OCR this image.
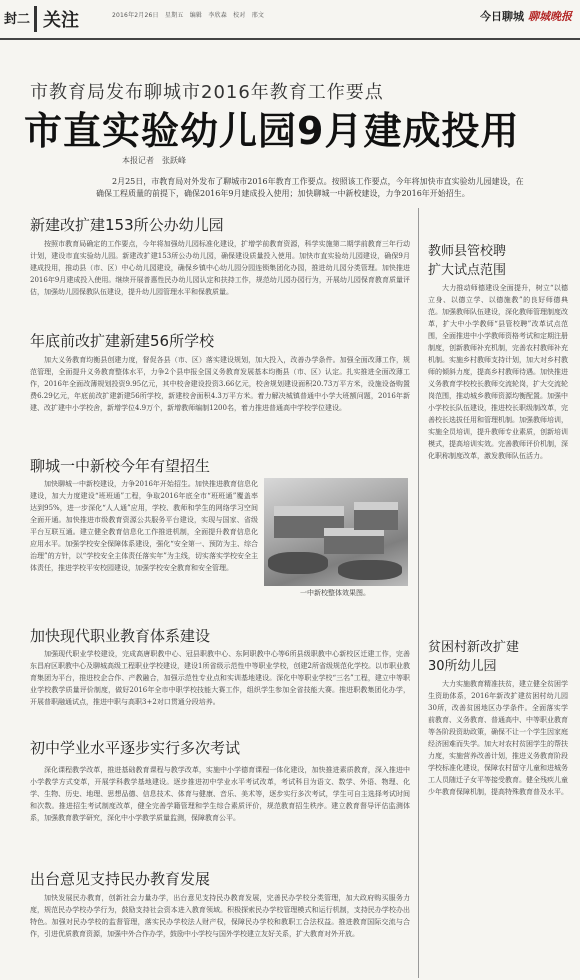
封二 关注	2016年2月26日　星期五　编辑　李欣森　校对　邢文	今日聊城 聊城晚报
市教育局发布聊城市2016年教育工作要点
市直实验幼儿园9月建成投用
本报记者　张跃峰
2月25日，市教育局对外发布了聊城市2016年教育工作要点。按照该工作要点，今年将加快市直实验幼儿园建设，在确保工程质量的前提下，确保2016年9月建成投入使用；加快聊城一中新校建设，力争2016年开始招生。
新建改扩建153所公办幼儿园
按照市教育局确定的工作要点，今年将加强幼儿园标准化建设，扩增学前教育资源，科学实施第二期学前教育三年行动计划，建设市直实验幼儿园。新建改扩建153所公办幼儿园，确保建设质量投入使用。加快市直实验幼儿园建设，确保9月建成投用，推动县（市、区）中心幼儿园建设，确保乡镇中心幼儿园分园连锁集团化办园，推进幼儿园分类管理。加快推进2016年9月建成投入使用。继续开展普惠性民办幼儿园认定和扶持工作，规范幼儿园办园行为，开展幼儿园保育教育质量评估，加强幼儿园保教队伍建设，提升幼儿园管理水平和保教质量。
年底前改扩建新建56所学校
加大义务教育均衡县创建力度，督促各县（市、区）落实建设规划，加大投入，改善办学条件。加强全面改薄工作，规范管理，全面提升义务教育整体水平，力争2个县申报全国义务教育发展基本均衡县（市、区）认定。扎实推进全面改薄工作，2016年全面改薄规划投资9.95亿元，其中校舍建设投资3.66亿元，校舍规划建设面积20.73万平方米，设施设备购置费6.29亿元，年底前改扩建新建56所学校，新建校舍面积4.3万平方米。着力解决城镇普通中小学大班额问题，2016年新建、改扩建中小学校舍，新增学位4.9万个，新增教师编制1200名，着力推进普通高中学校学位建设。
聊城一中新校今年有望招生
加快聊城一中新校建设，力争2016年开始招生。加快推进教育信息化建设，加大力度建设“班班通”工程，争取2016年底全市“班班通”覆盖率达到95%，进一步深化“人人通”应用，学校、教师和学生的网络学习空间全面开通。加快推进市级教育资源公共服务平台建设，实现与国家、省级平台互联互通。建立健全教育信息化工作推进机制，全面提升教育信息化应用水平。加强学校安全保障体系建设，强化“安全第一、预防为主、综合治理”的方针，以“学校安全主体责任落实年”为主线，切实落实学校安全主体责任，推进学校平安校园建设，加强学校安全教育和安全管理。
一中新校整体效果图。
加快现代职业教育体系建设
加强现代职业学校建设，完成高唐职教中心、冠县职教中心、东阿职教中心等6所县级职教中心新校区迁建工作，完善东昌府区职教中心及聊城高级工程职业学校建设，建设1所省级示范性中等职业学校，创建2所省级规范化学校。以市职业教育集团为平台，推进校企合作、产教融合，加强示范性专业点和实训基地建设。深化中等职业学校“三名”工程，建立中等职业学校教学质量评价制度，做好2016年全市中职学校技能大赛工作，组织学生参加全省技能大赛。推进职教集团化办学，开展普职融通试点，推进中职与高职3+2对口贯通分段培养。
初中学业水平逐步实行多次考试
深化课程教学改革，推进基础教育课程与教学改革，实施中小学德育课程一体化建设，加快推进素质教育，深入推进中小学教学方式变革，开展学科教学基地建设。逐步推进初中学业水平考试改革，考试科目为语文、数学、外语、物理、化学、生物、历史、地理、思想品德、信息技术、体育与健康、音乐、美术等，逐步实行多次考试，学生可自主选择考试时间和次数。推进招生考试制度改革，健全完善学籍管理和学生综合素质评价，规范教育招生秩序。建立教育督导评估监测体系，加强教育教学研究，深化中小学教学质量监测，保障教育公平。
出台意见支持民办教育发展
加快发展民办教育，创新社会力量办学，出台意见支持民办教育发展，完善民办学校分类管理，加大政府购买服务力度，规范民办学校办学行为，鼓励支持社会资本进入教育领域。积极探索民办学校管理模式和运行机制，支持民办学校办出特色。加强对民办学校的监督管理，落实民办学校法人财产权，保障民办学校和教职工合法权益。推进教育国际交流与合作，引进优质教育资源，加强中外合作办学，鼓励中小学校与国外学校建立友好关系，扩大教育对外开放。
教师县管校聘
扩大试点范围
大力推动师德建设全面提升，树立“以德立身、以德立学、以德施教”的良好师德典范。加强教师队伍建设，深化教师管理制度改革，扩大中小学教师“县管校聘”改革试点范围，全面推进中小学教师资格考试和定期注册制度，创新教师补充机制，完善农村教师补充机制。实施乡村教师支持计划，加大对乡村教师的倾斜力度，提高乡村教师待遇。加快推进义务教育学校校长教师交流轮岗，扩大交流轮岗范围，推动城乡教师资源均衡配置。加强中小学校长队伍建设，推进校长职级制改革，完善校长选拔任用和管理机制。加强教师培训，实施全员培训，提升教师专业素质，创新培训模式，提高培训实效。完善教师评价机制，深化职称制度改革，激发教师队伍活力。
贫困村新改扩建
30所幼儿园
大力实施教育精准扶贫，建立健全贫困学生资助体系，2016年新改扩建贫困村幼儿园30所，改善贫困地区办学条件。全面落实学前教育、义务教育、普通高中、中等职业教育等各阶段资助政策，确保不让一个学生因家庭经济困难而失学。加大对农村贫困学生的帮扶力度，实施营养改善计划，推进义务教育阶段学校标准化建设，保障农村留守儿童和进城务工人员随迁子女平等接受教育。健全残疾儿童少年教育保障机制，提高特殊教育普及水平。
